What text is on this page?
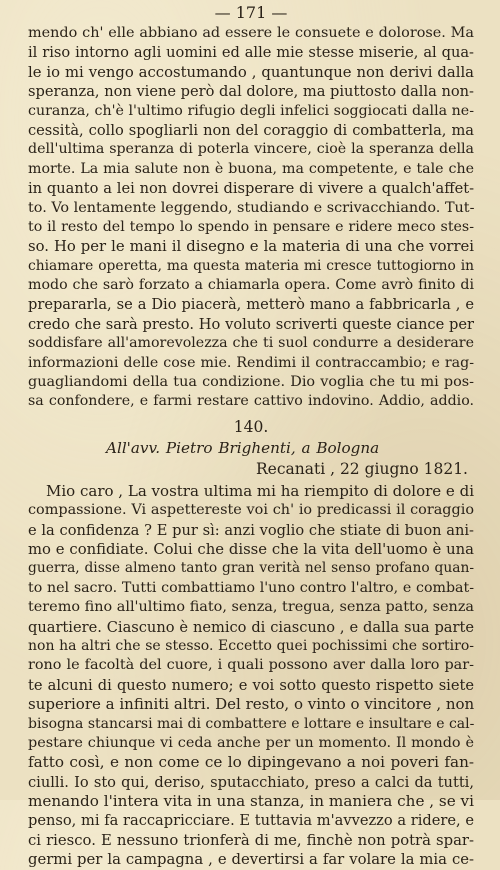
— 171 —
mendo ch' elle abbiano ad essere le consuete e dolorose. Ma
il riso intorno agli uomini ed alle mie stesse miserie, al qua-
le io mi vengo accostumando , quantunque non derivi dalla
speranza, non viene però dal dolore, ma piuttosto dalla non-
curanza, ch'è l'ultimo rifugio degli infelici soggiocati dalla ne-
cessità, collo spogliarli non del coraggio di combatterla, ma
dell'ultima speranza di poterla vincere, cioè la speranza della
morte. La mia salute non è buona, ma competente, e tale che
in quanto a lei non dovrei disperare di vivere a qualch'affet-
to. Vo lentamente leggendo, studiando e scrivacchiando. Tut-
to il resto del tempo lo spendo in pensare e ridere meco stes-
so. Ho per le mani il disegno e la materia di una che vorrei
chiamare operetta, ma questa materia mi cresce tuttogiorno in
modo che sarò forzato a chiamarla opera. Come avrò finito di
prepararla, se a Dio piacerà, metterò mano a fabbricarla , e
credo che sarà presto. Ho voluto scriverti queste ciance per
soddisfare all'amorevolezza che ti suol condurre a desiderare
informazioni delle cose mie. Rendimi il contraccambio; e rag-
guagliandomi della tua condizione. Dio voglia che tu mi pos-
sa confondere, e farmi restare cattivo indovino. Addio, addio.
140.
All'avv. Pietro Brighenti, a Bologna
Recanati , 22 giugno 1821.
Mio caro , La vostra ultima mi ha riempito di dolore e di
compassione. Vi aspettereste voi ch' io predicassi il coraggio
e la confidenza ? E pur sì: anzi voglio che stiate di buon ani-
mo e confidiate. Colui che disse che la vita dell'uomo è una
guerra, disse almeno tanto gran verità nel senso profano quan-
to nel sacro. Tutti combattiamo l'uno contro l'altro, e combat-
teremo fino all'ultimo fiato, senza, tregua, senza patto, senza
quartiere. Ciascuno è nemico di ciascuno , e dalla sua parte
non ha altri che se stesso. Eccetto quei pochissimi che sortiro-
rono le facoltà del cuore, i quali possono aver dalla loro par-
te alcuni di questo numero; e voi sotto questo rispetto siete
superiore a infiniti altri. Del resto, o vinto o vincitore , non
bisogna stancarsi mai di combattere e lottare e insultare e cal-
pestare chiunque vi ceda anche per un momento. Il mondo è
fatto così, e non come ce lo dipingevano a noi poveri fan-
ciulli. Io sto qui, deriso, sputacchiato, preso a calci da tutti,
menando l'intera vita in una stanza, in maniera che , se vi
penso, mi fa raccapricciare. E tuttavia m'avvezzo a ridere, e
ci riesco. E nessuno trionferà di me, finchè non potrà spar-
germi per la campagna , e devertirsi a far volare la mia ce-
